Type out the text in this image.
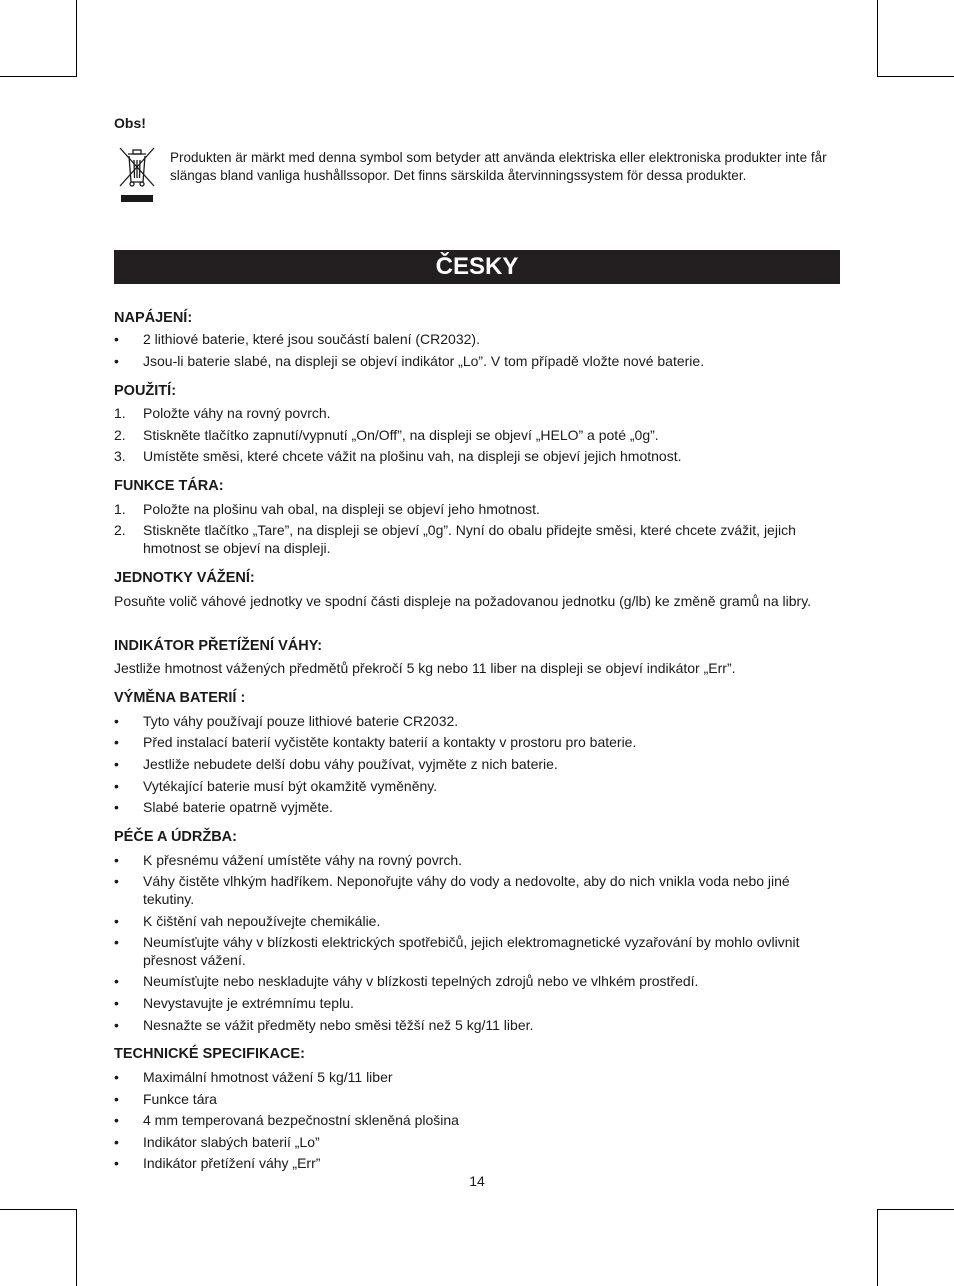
Obs!
Produkten är märkt med denna symbol som betyder att använda elektriska eller elektroniska produkter inte får slängas bland vanliga hushållssopor. Det finns särskilda återvinningssystem för dessa produkter.
ČESKY
NAPÁJENÍ:
•	2 lithiové baterie, které jsou součástí balení (CR2032).
•	Jsou-li baterie slabé, na displeji se objeví indikátor „Lo”. V tom případě vložte nové baterie.
POUŽITÍ:
1.	Položte váhy na rovný povrch.
2.	Stiskněte tlačítko zapnutí/vypnutí „On/Off”, na displeji se objeví „HELO” a poté „0g”.
3.	Umístěte směsi, které chcete vážit na plošinu vah, na displeji se objeví jejich hmotnost.
FUNKCE TÁRA:
1.	Položte na plošinu vah obal, na displeji se objeví jeho hmotnost.
2.	Stiskněte tlačítko „Tare”, na displeji se objeví „0g”. Nyní do obalu přidejte směsi, které chcete zvážit, jejich hmotnost se objeví na displeji.
JEDNOTKY VÁŽENÍ:
Posuňte volič váhové jednotky ve spodní části displeje na požadovanou jednotku (g/lb) ke změně gramů na libry.
INDIKÁTOR PŘETÍŽENÍ VÁHY:
Jestliže hmotnost vážených předmětů překročí 5 kg nebo 11 liber na displeji se objeví indikátor „Err”.
VÝMĚNA BATERIÍ :
•	Tyto váhy používají pouze lithiové baterie CR2032.
•	Před instalací baterií vyčistěte kontakty baterií a kontakty v prostoru pro baterie.
•	Jestliže nebudete delší dobu váhy používat, vyjměte z nich baterie.
•	Vytékající baterie musí být okamžitě vyměněny.
•	Slabé baterie opatrně vyjměte.
PÉČE A ÚDRŽBA:
•	K přesnému vážení umístěte váhy na rovný povrch.
•	Váhy čistěte vlhkým hadříkem. Neponořujte váhy do vody a nedovolte, aby do nich vnikla voda nebo jiné tekutiny.
•	K čištění vah nepoužívejte chemikálie.
•	Neumísťujte váhy v blízkosti elektrických spotřebičů, jejich elektromagnetické vyzařování by mohlo ovlivnit přesnost vážení.
•	Neumísťujte nebo neskladujte váhy v blízkosti tepelných zdrojů nebo ve vlhkém prostředí.
•	Nevystavujte je extrémnímu teplu.
•	Nesnažte se vážit předměty nebo směsi těžší než 5 kg/11 liber.
TECHNICKÉ SPECIFIKACE:
•	Maximální hmotnost vážení 5 kg/11 liber
•	Funkce tára
•	4 mm temperovaná bezpečnostní skleněná plošina
•	Indikátor slabých baterií „Lo”
•	Indikátor přetížení váhy „Err”
14
